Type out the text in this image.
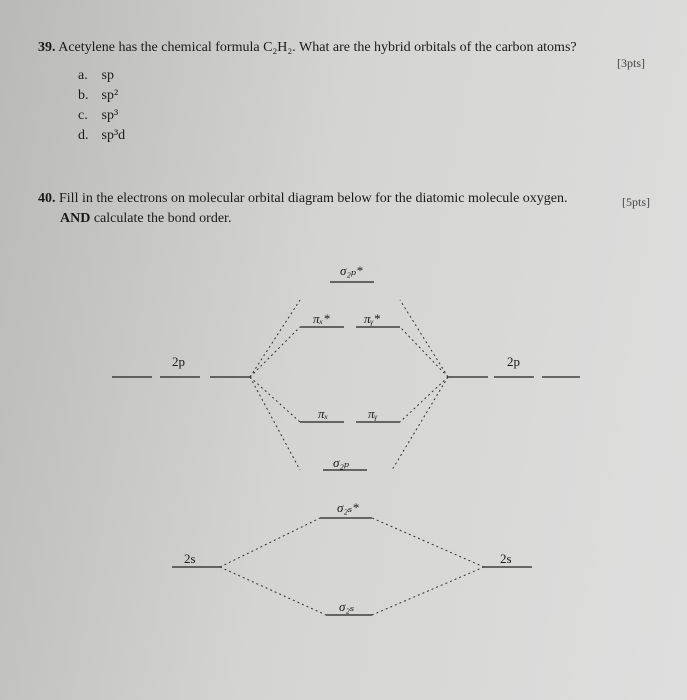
39. Acetylene has the chemical formula C₂H₂. What are the hybrid orbitals of the carbon atoms?
[3pts]
a. sp
b. sp²
c. sp³
d. sp³d
40. Fill in the electrons on molecular orbital diagram below for the diatomic molecule oxygen.	[5pts]
AND calculate the bond order.
2p	2p
2s	2s
σ₂ₚ*
πₓ*	πᵧ*
πₓ	πᵧ
σ₂ₚ
σ₂ₛ*
σ₂ₛ
